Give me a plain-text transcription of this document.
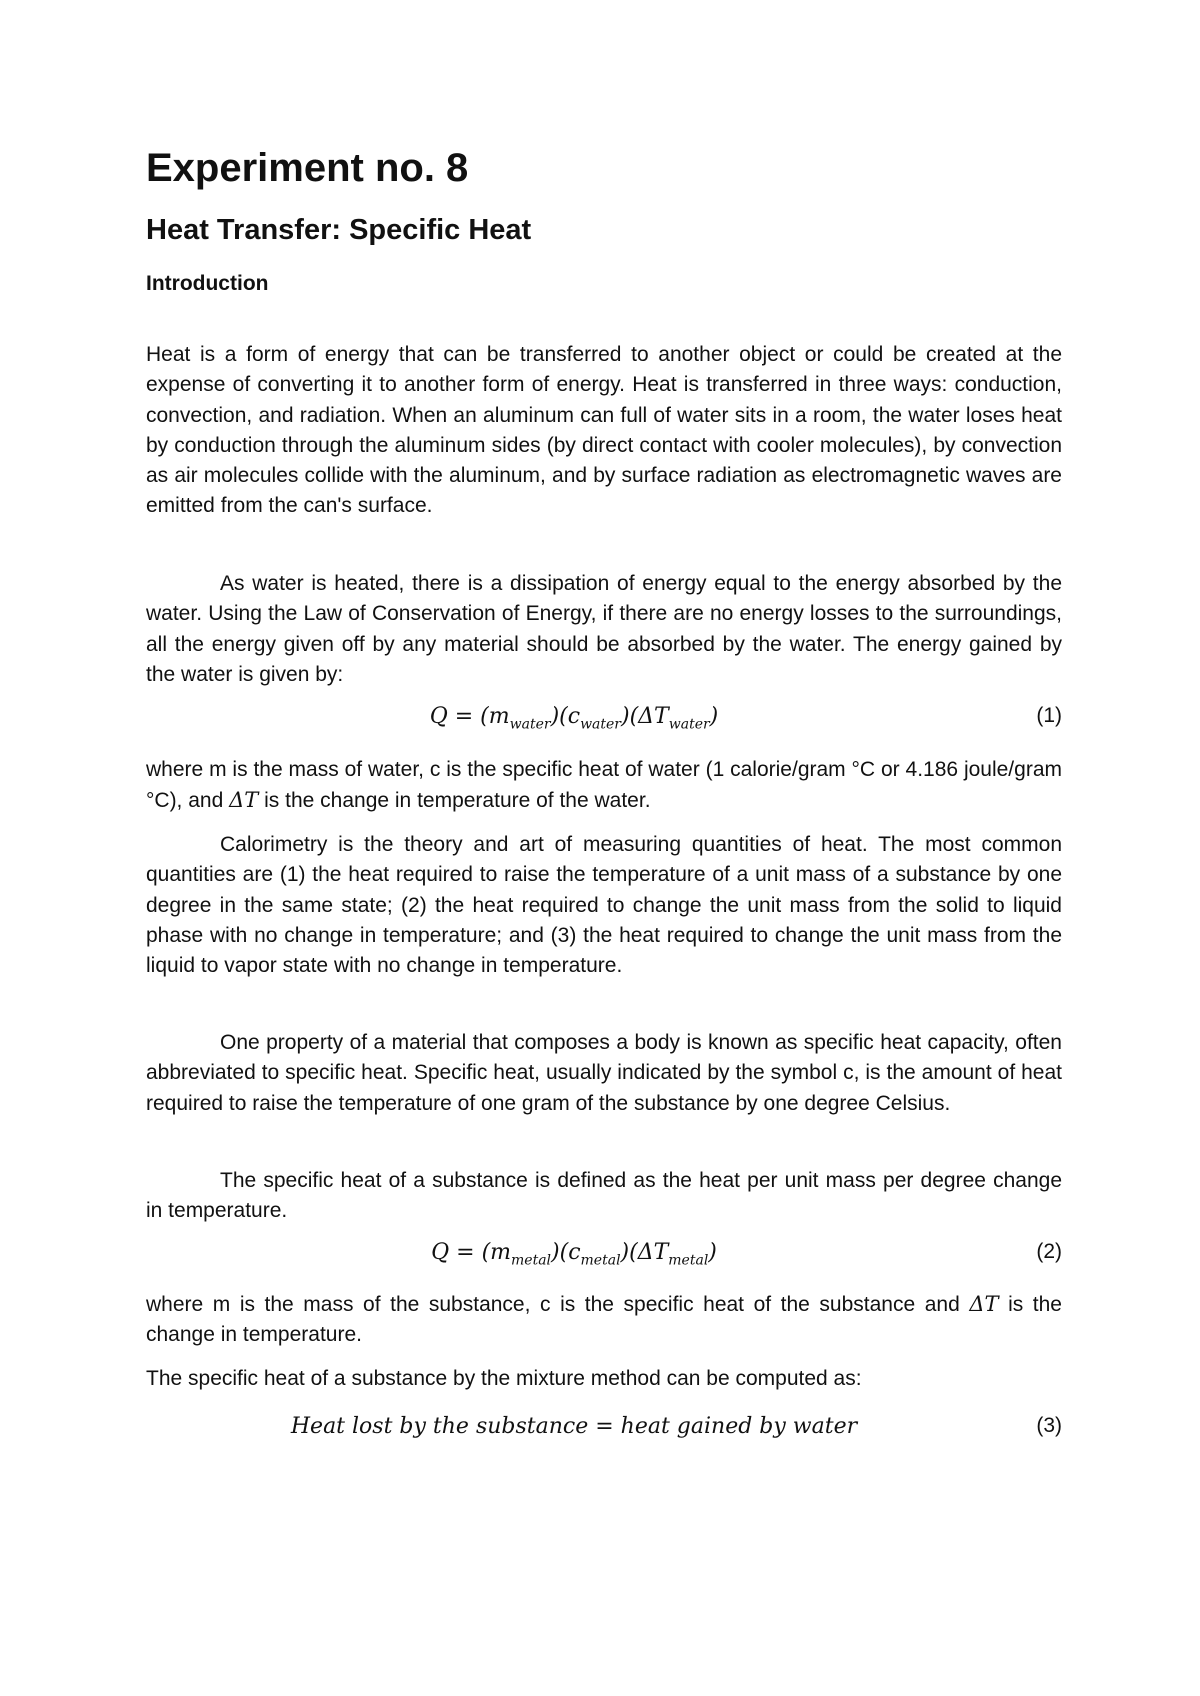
Experiment no. 8
Heat Transfer: Specific Heat
Introduction

Heat is a form of energy that can be transferred to another object or could be created at the expense of converting it to another form of energy. Heat is transferred in three ways: conduction, convection, and radiation. When an aluminum can full of water sits in a room, the water loses heat by conduction through the aluminum sides (by direct contact with cooler molecules), by convection as air molecules collide with the aluminum, and by surface radiation as electromagnetic waves are emitted from the can's surface.

As water is heated, there is a dissipation of energy equal to the energy absorbed by the water. Using the Law of Conservation of Energy, if there are no energy losses to the surroundings, all the energy given off by any material should be absorbed by the water. The energy gained by the water is given by:

$Q = (m_{water})(c_{water})(\Delta T_{water})$	(1)

where m is the mass of water, c is the specific heat of water (1 calorie/gram °C or 4.186 joule/gram °C), and ΔT is the change in temperature of the water.

Calorimetry is the theory and art of measuring quantities of heat. The most common quantities are (1) the heat required to raise the temperature of a unit mass of a substance by one degree in the same state; (2) the heat required to change the unit mass from the solid to liquid phase with no change in temperature; and (3) the heat required to change the unit mass from the liquid to vapor state with no change in temperature.

One property of a material that composes a body is known as specific heat capacity, often abbreviated to specific heat. Specific heat, usually indicated by the symbol c, is the amount of heat required to raise the temperature of one gram of the substance by one degree Celsius.

The specific heat of a substance is defined as the heat per unit mass per degree change in temperature.

$Q = (m_{metal})(c_{metal})(\Delta T_{metal})$	(2)

where m is the mass of the substance, c is the specific heat of the substance and ΔT is the change in temperature.

The specific heat of a substance by the mixture method can be computed as:

Heat lost by the substance = heat gained by water	(3)
